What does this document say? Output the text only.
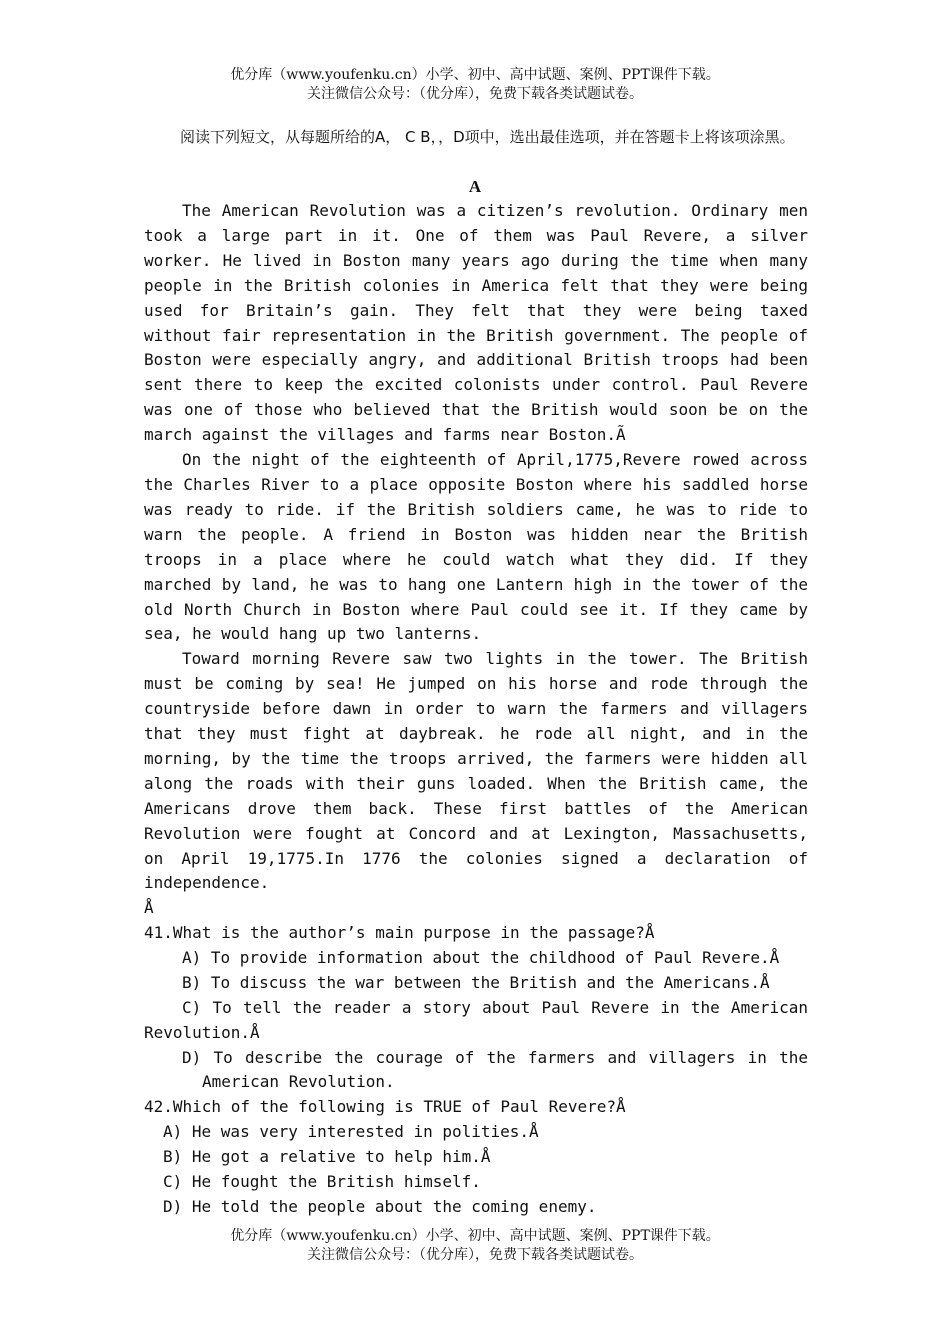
优分库（www.youfenku.cn）小学、初中、高中试题、案例、PPT课件下载。
关注微信公众号：（优分库），免费下载各类试题试卷。
阅读下列短文，从每题所给的A， C B，，D项中，选出最佳选项，并在答题卡上将该项涂黑。
A

The American Revolution was a citizen’s revolution. Ordinary men took a large part in it. One of them was Paul Revere, a silver worker. He lived in Boston many years ago during the time when many people in the British colonies in America felt that they were being used for Britain’s gain. They felt that they were being taxed without fair representation in the British government. The people of Boston were especially angry, and additional British troops had been sent there to keep the excited colonists under control. Paul Revere was one of those who believed that the British would soon be on the march against the villages and farms near Boston.Ã

On the night of the eighteenth of April,1775,Revere rowed across the Charles River to a place opposite Boston where his saddled horse was ready to ride. if the British soldiers came, he was to ride to warn the people. A friend in Boston was hidden near the British troops in a place where he could watch what they did. If they marched by land, he was to hang one Lantern high in the tower of the old North Church in Boston where Paul could see it. If they came by sea, he would hang up two lanterns.

Toward morning Revere saw two lights in the tower. The British must be coming by sea! He jumped on his horse and rode through the countryside before dawn in order to warn the farmers and villagers that they must fight at daybreak. he rode all night, and in the morning, by the time the troops arrived, the farmers were hidden all along the roads with their guns loaded. When the British came, the Americans drove them back. These first battles of the American Revolution were fought at Concord and at Lexington, Massachusetts, on April 19,1775.In 1776 the colonies signed a declaration of independence.

Å

41.What is the author’s main purpose in the passage?Å

A) To provide information about the childhood of Paul Revere.Å

B) To discuss the war between the British and the Americans.Å

C) To tell the reader a story about Paul Revere in the American Revolution.Å

D) To describe the courage of the farmers and villagers in the American Revolution.

42.Which of the following is TRUE of Paul Revere?Å

A) He was very interested in polities.Å

B) He got a relative to help him.Å

C) He fought the British himself.

D) He told the people about the coming enemy.

优分库（www.youfenku.cn）小学、初中、高中试题、案例、PPT课件下载。
关注微信公众号：（优分库），免费下载各类试题试卷。
